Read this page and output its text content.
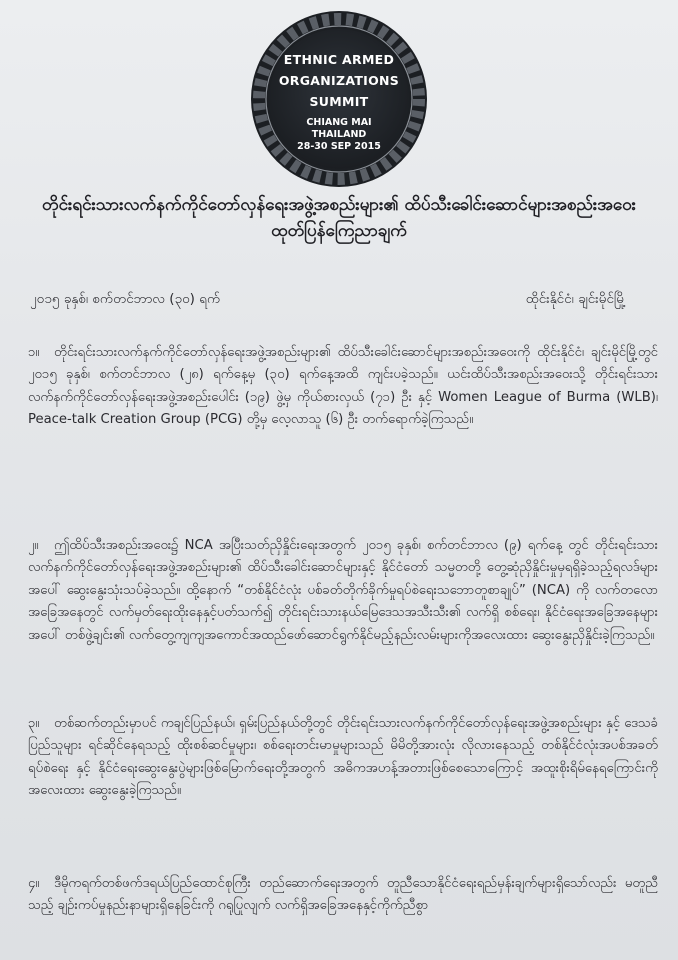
ETHNIC ARMED
ORGANIZATIONS
SUMMIT
CHIANG MAI
THAILAND
28-30 SEP 2015
တိုင်းရင်းသားလက်နက်ကိုင်တော်လှန်ရေးအဖွဲ့အစည်းများ၏ ထိပ်သီးခေါင်းဆောင်များအစည်းအဝေး
ထုတ်ပြန်ကြေညာချက်
၂၀၁၅ ခုနှစ်၊ စက်တင်ဘာလ (၃၀) ရက်	ထိုင်းနိုင်ငံ၊ ချင်းမိုင်မြို့
၁။ တိုင်းရင်းသားလက်နက်ကိုင်တော်လှန်ရေးအဖွဲ့အစည်းများ၏ ထိပ်သီးခေါင်းဆောင်များအစည်းအဝေးကို ထိုင်းနိုင်ငံ၊ ချင်းမိုင်မြို့တွင် ၂၀၁၅ ခုနှစ်၊ စက်တင်ဘာလ (၂၈) ရက်နေ့မှ (၃၀) ရက်နေ့အထိ ကျင်းပခဲ့သည်။ ယင်းထိပ်သီးအစည်းအဝေးသို့ တိုင်းရင်းသားလက်နက်ကိုင်တော်လှန်ရေးအဖွဲ့အစည်းပေါင်း (၁၉) ဖွဲ့မှ ကိုယ်စားလှယ် (၇၁) ဦး နှင့် Women League of Burma (WLB)၊ Peace-talk Creation Group (PCG) တို့မှ လေ့လာသူ (၆) ဦး တက်ရောက်ခဲ့ကြသည်။
၂။ ဤထိပ်သီးအစည်းအဝေး၌ NCA အပြီးသတ်ညှိနှိုင်းရေးအတွက် ၂၀၁၅ ခုနှစ်၊ စက်တင်ဘာလ (၉) ရက်နေ့ တွင် တိုင်းရင်းသားလက်နက်ကိုင်တော်လှန်ရေးအဖွဲ့အစည်းများ၏ ထိပ်သီးခေါင်းဆောင်များနှင့် နိုင်ငံတော် သမ္မတတို့ တွေ့ဆုံညှိနှိုင်းမှုမှရရှိခဲ့သည့်ရလဒ်များအပေါ် ဆွေးနွေးသုံးသပ်ခဲ့သည်။ ထို့နောက် “တစ်နိုင်ငံလုံး ပစ်ခတ်တိုက်ခိုက်မှုရပ်စဲရေးသဘောတူစာချုပ်” (NCA) ကို လက်တလောအခြေအနေတွင် လက်မှတ်ရေးထိုးနေနှင့်ပတ်သက်၍ တိုင်းရင်းသားနယ်မြေဒေသအသီးသီး၏ လက်ရှိ စစ်ရေး၊ နိုင်ငံရေးအခြေအနေများအပေါ် တစ်ဖွဲ့ချင်း၏ လက်တွေ့ကျကျအကောင်အထည်ဖော်ဆောင်ရွက်နိုင်မည့်နည်းလမ်းများကိုအလေးထား ဆွေးနွေးညှိနှိုင်းခဲ့ကြသည်။
၃။ တစ်ဆက်တည်းမှာပင် ကချင်ပြည်နယ်၊ ရှမ်းပြည်နယ်တို့တွင် တိုင်းရင်းသားလက်နက်ကိုင်တော်လှန်ရေးအဖွဲ့အစည်းများ နှင့် ဒေသခံပြည်သူများ ရင်ဆိုင်နေရသည့် ထိုးစစ်ဆင်မှုများ၊ စစ်ရေးတင်းမာမှုများသည် မိမိတို့အားလုံး လိုလားနေသည့် တစ်နိုင်ငံလုံးအပစ်အခတ်ရပ်စဲရေး နှင့် နိုင်ငံရေးဆွေးနွေးပွဲများဖြစ်မြောက်ရေးတို့အတွက် အဓိကအဟန့်အတားဖြစ်စေသောကြောင့် အထူးစိုးရိမ်နေရကြောင်းကို အလေးထား ဆွေးနွေးခဲ့ကြသည်။
၄။ ဒီမိုကရက်တစ်ဖက်ဒရယ်ပြည်ထောင်စုကြီး တည်ဆောက်ရေးအတွက် တူညီသောနိုင်ငံရေးရည်မှန်းချက်များရှိသော်လည်း မတူညီသည့် ချဉ်းကပ်မှုနည်းနာများရှိနေခြင်းကို ဂရုပြုလျက် လက်ရှိအခြေအနေနှင့်ကိုက်ညီစွာ
